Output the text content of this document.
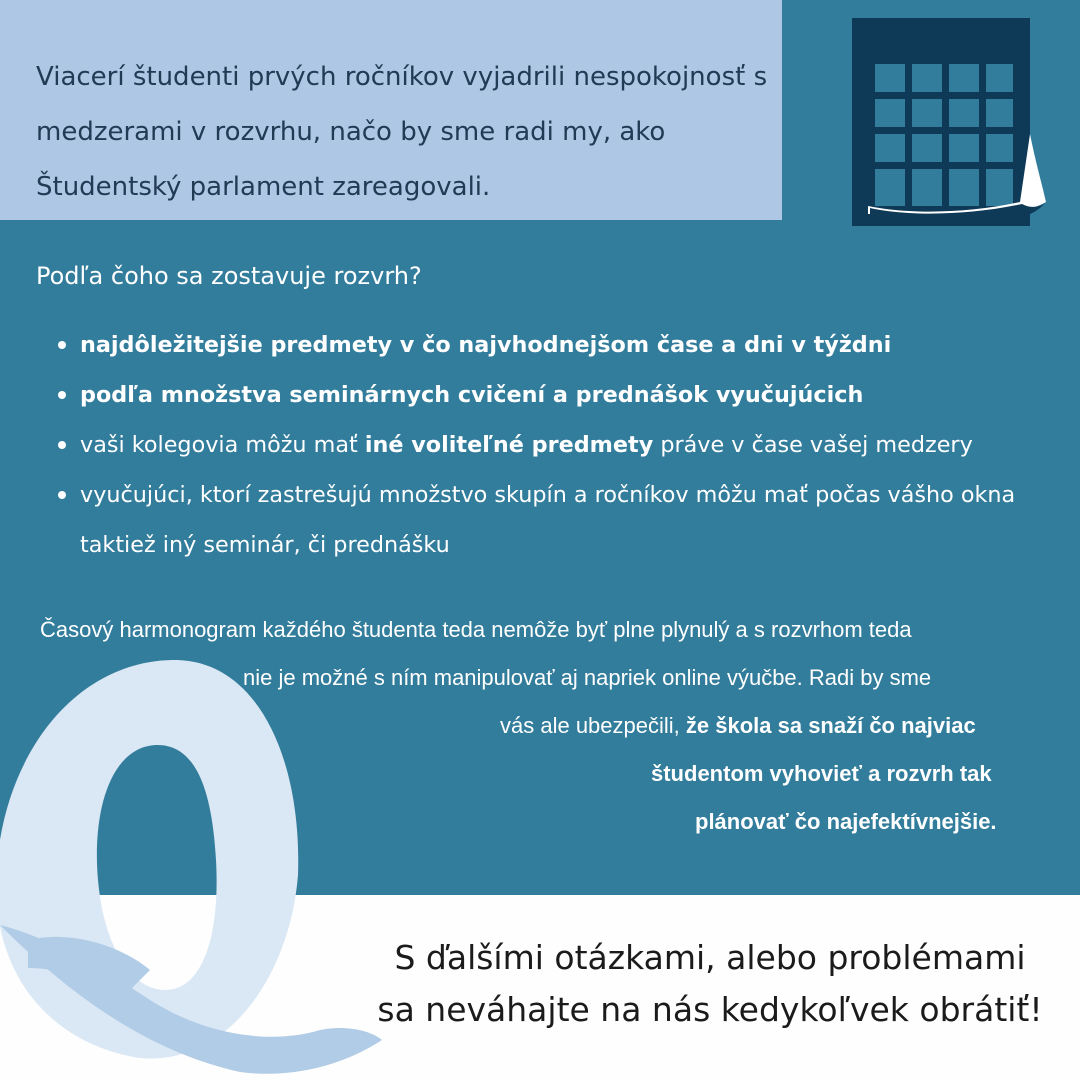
Viacerí študenti prvých ročníkov vyjadrili nespokojnosť s medzerami v rozvrhu, načo by sme radi my, ako Študentský parlament zareagovali.

Podľa čoho sa zostavuje rozvrh?

najdôležitejšie predmety v čo najvhodnejšom čase a dni v týždni
podľa množstva seminárnych cvičení a prednášok vyučujúcich
vaši kolegovia môžu mať iné voliteľné predmety práve v čase vašej medzery
vyučujúci, ktorí zastrešujú množstvo skupín a ročníkov môžu mať počas vášho okna taktiež iný seminár, či prednášku
Časový harmonogram každého študenta teda nemôže byť plne plynulý a s rozvrhom teda
nie je možné s ním manipulovať aj napriek online výučbe. Radi by sme
vás ale ubezpečili, že škola sa snaží čo najviac
študentom vyhovieť a rozvrh tak
plánovať čo najefektívnejšie.
S ďalšími otázkami, alebo problémami
sa neváhajte na nás kedykoľvek obrátiť!
